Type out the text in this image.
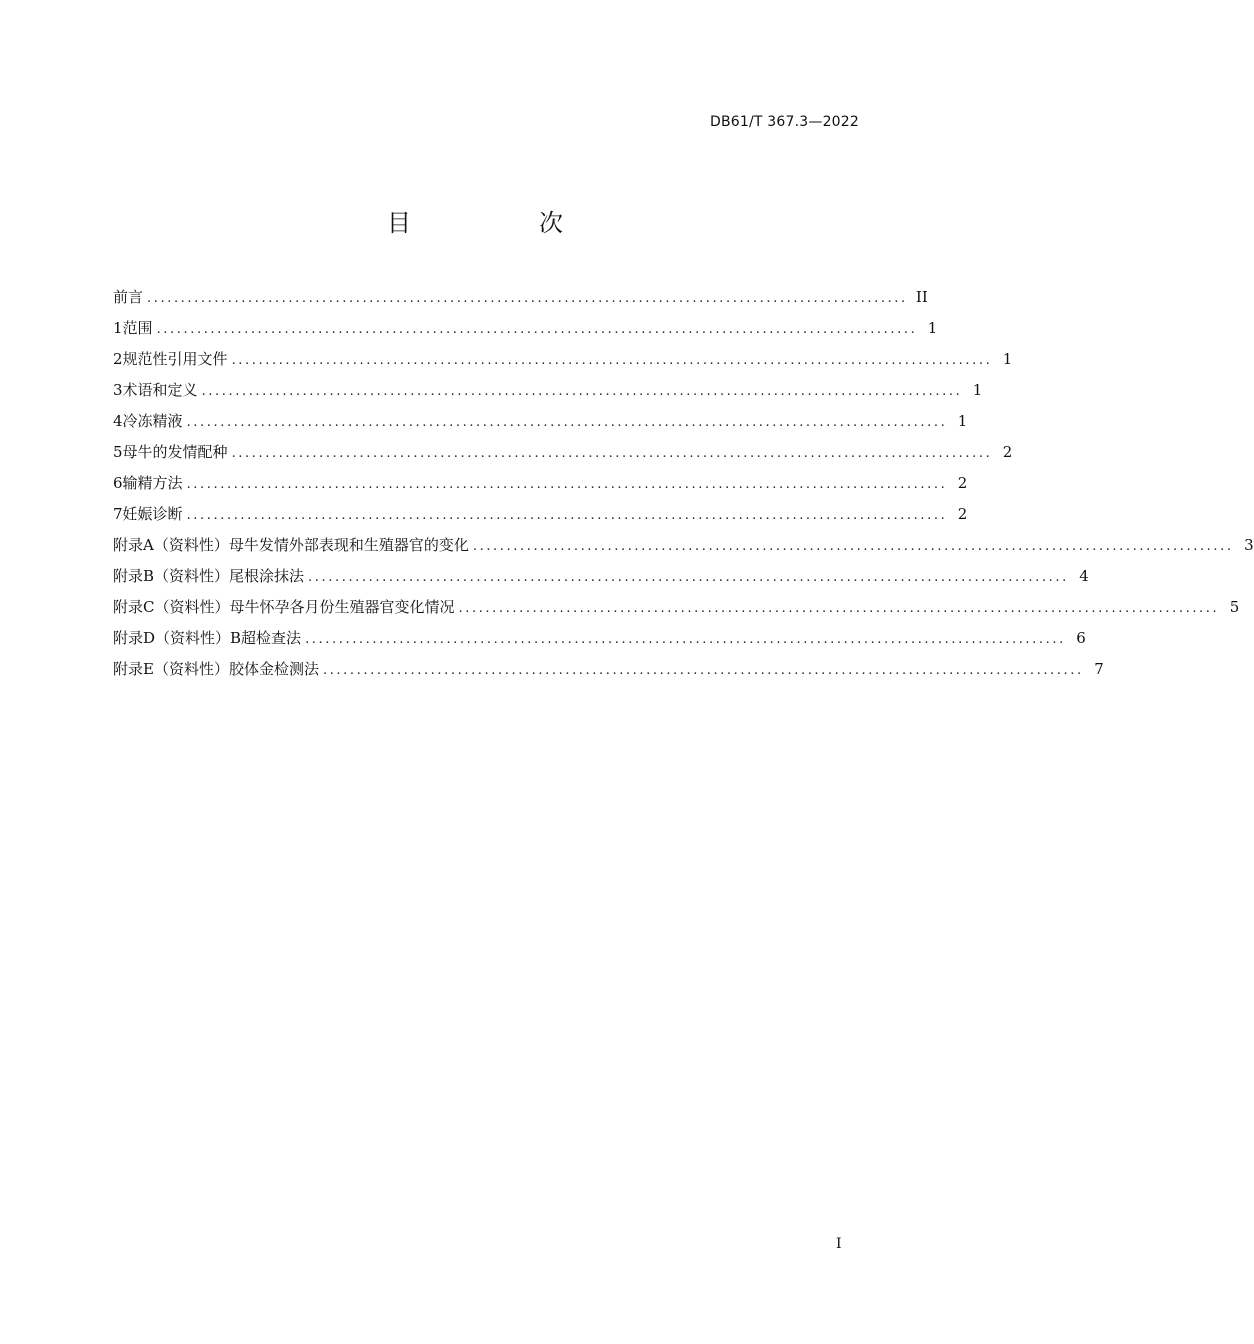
DB61/T 367.3—2022
目　次
前言 ................................................................................................................. II
1 范围 ................................................................................................................. 1
2 规范性引用文件 ................................................................................................................. 1
3 术语和定义 ................................................................................................................. 1
4 冷冻精液 ................................................................................................................. 1
5 母牛的发情配种 ................................................................................................................. 2
6 输精方法 ................................................................................................................. 2
7 妊娠诊断 ................................................................................................................. 2
附录A（资料性） 母牛发情外部表现和生殖器官的变化 ................................................................................................................. 3
附录B（资料性） 尾根涂抹法 ................................................................................................................. 4
附录C（资料性） 母牛怀孕各月份生殖器官变化情况 ................................................................................................................. 5
附录D（资料性） B超检查法 ................................................................................................................. 6
附录E（资料性） 胶体金检测法 ................................................................................................................. 7
I
